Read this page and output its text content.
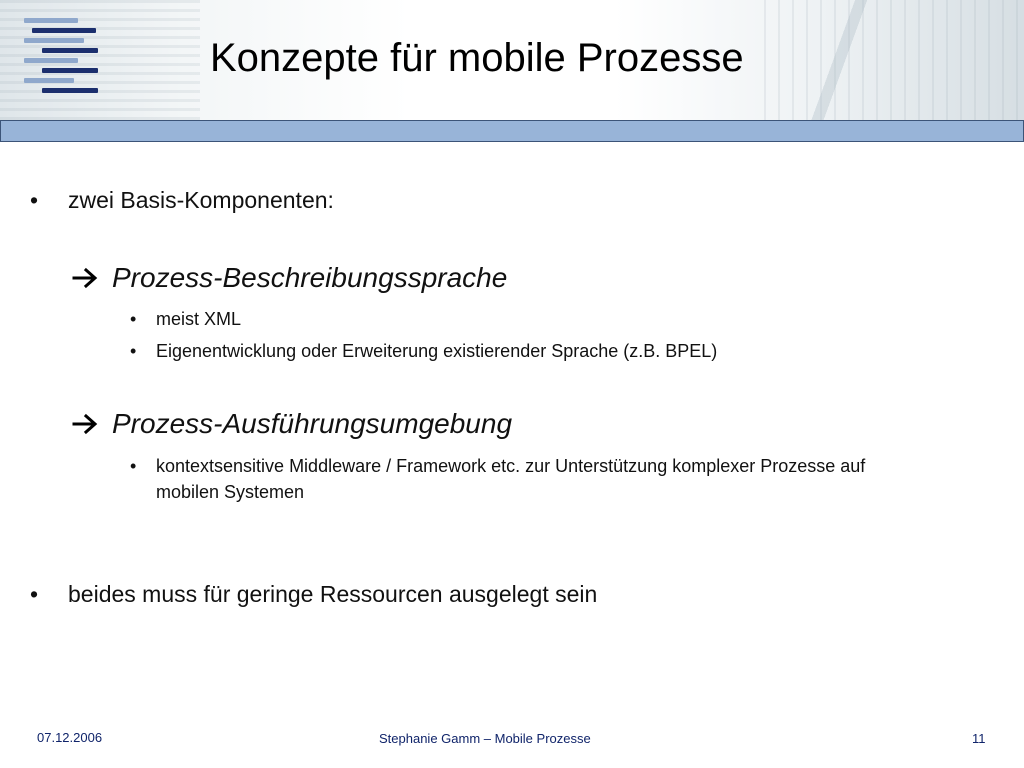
Konzepte für mobile Prozesse
• zwei Basis-Komponenten:
Prozess-Beschreibungssprache
• meist XML
• Eigenentwicklung oder Erweiterung existierender Sprache (z.B. BPEL)
Prozess-Ausführungsumgebung
• kontextsensitive Middleware / Framework etc. zur Unterstützung komplexer Prozesse auf mobilen Systemen
• beides muss für geringe Ressourcen ausgelegt sein
07.12.2006	Stephanie Gamm – Mobile Prozesse	11
